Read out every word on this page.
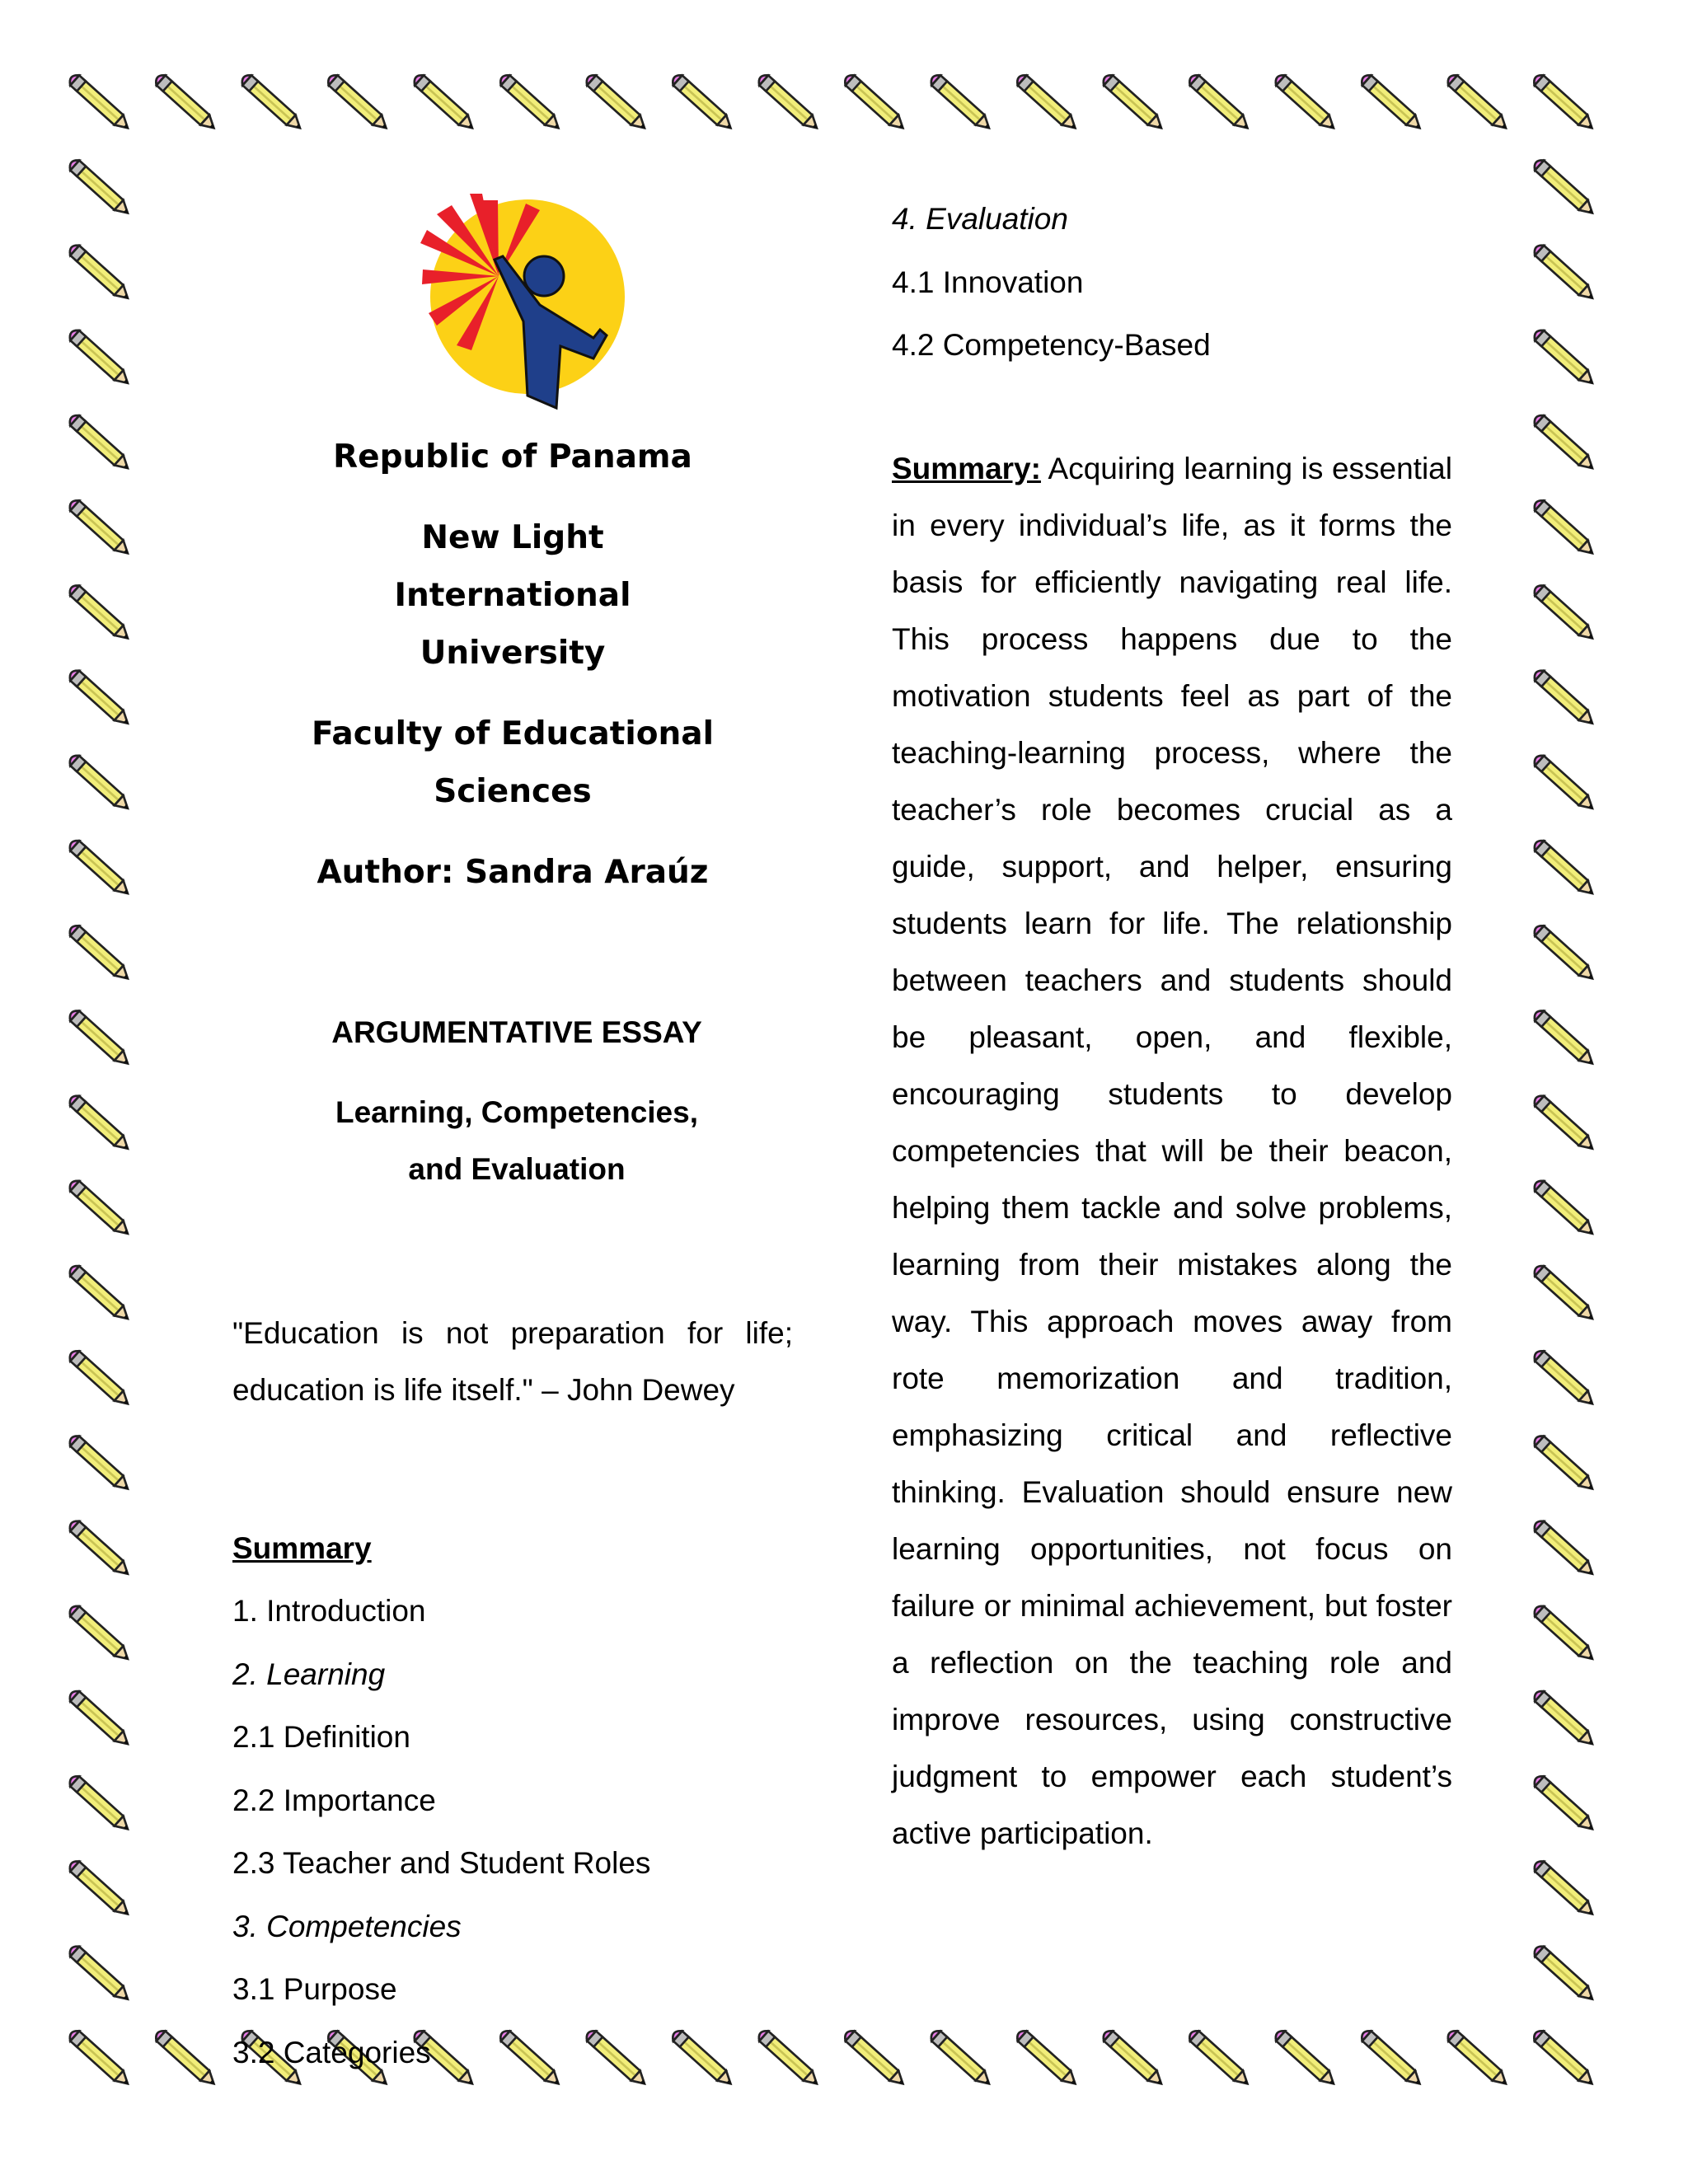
Republic of Panama

New Light International University

Faculty of Educational Sciences

Author: Sandra Araúz

ARGUMENTATIVE ESSAY

Learning, Competencies, and Evaluation

"Education is not preparation for life; education is life itself." – John Dewey

Summary

1. Introduction

2. Learning

2.1 Definition

2.2 Importance

2.3 Teacher and Student Roles

3. Competencies

3.1 Purpose

3.2 Categories

4. Evaluation

4.1 Innovation

4.2 Competency-Based

Summary: Acquiring learning is essential in every individual’s life, as it forms the basis for efficiently navigating real life. This process happens due to the motivation students feel as part of the teaching-learning process, where the teacher’s role becomes crucial as a guide, support, and helper, ensuring students learn for life. The relationship between teachers and students should be pleasant, open, and flexible, encouraging students to develop competencies that will be their beacon, helping them tackle and solve problems, learning from their mistakes along the way. This approach moves away from rote memorization and tradition, emphasizing critical and reflective thinking. Evaluation should ensure new learning opportunities, not focus on failure or minimal achievement, but foster a reflection on the teaching role and improve resources, using constructive judgment to empower each student’s active participation.
